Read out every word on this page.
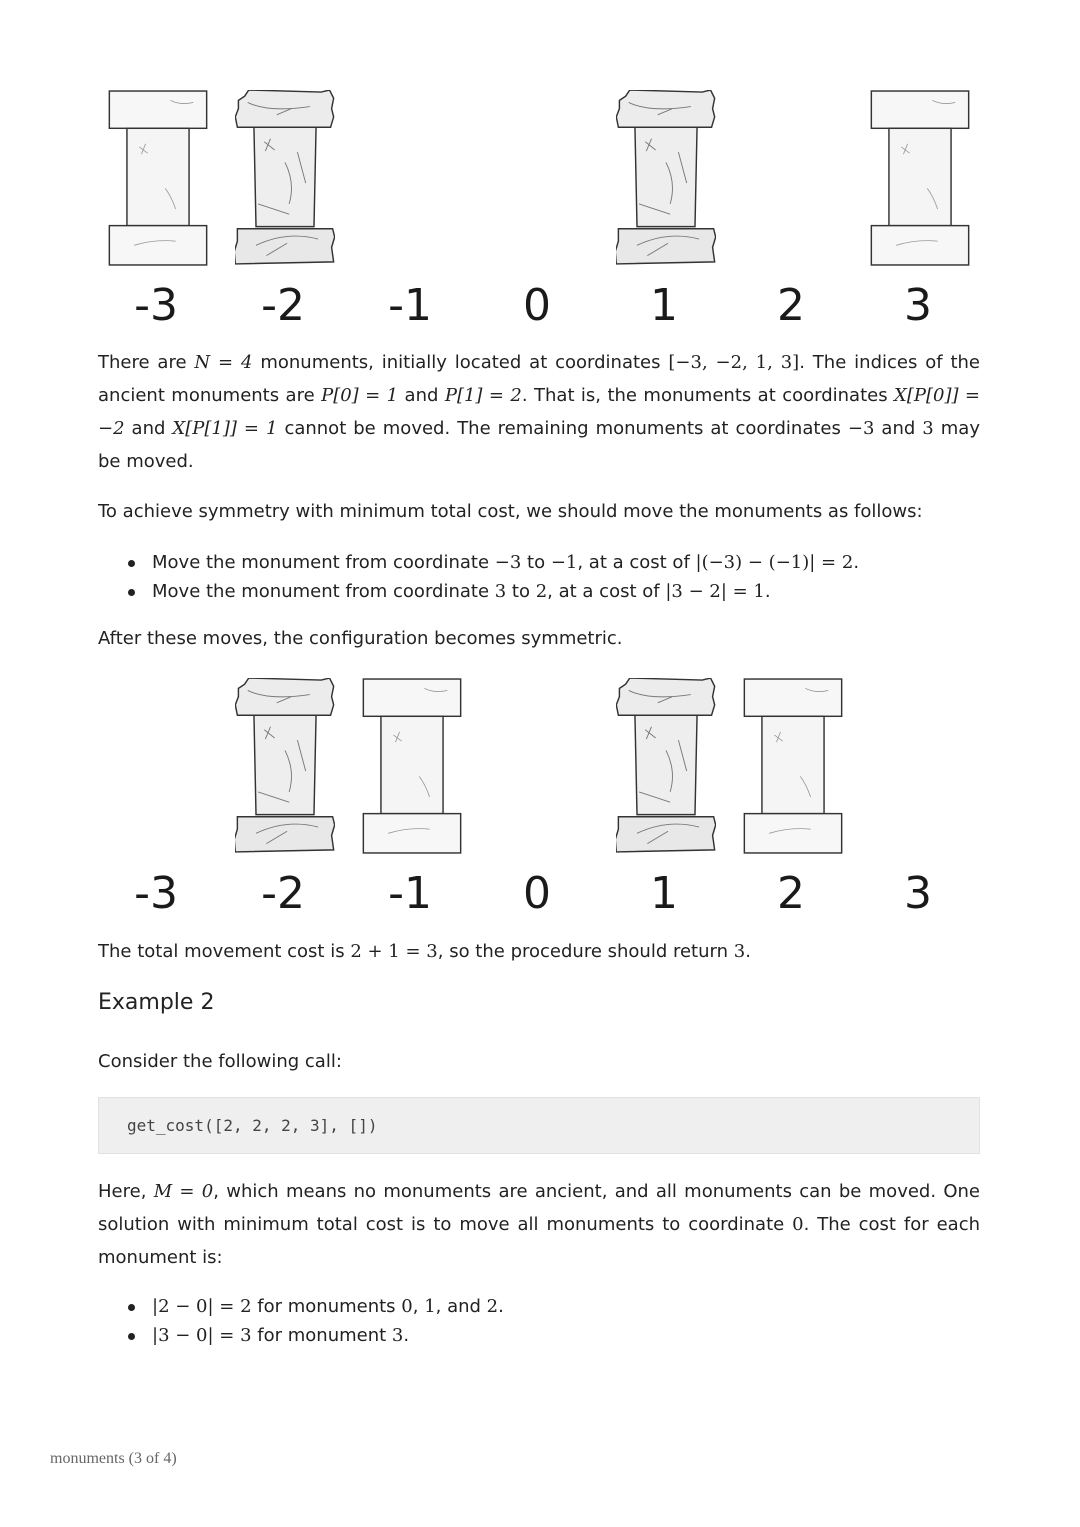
-3	-2	-1	0	1	2	3
There are N = 4 monuments, initially located at coordinates [−3, −2, 1, 3]. The indices of the ancient monuments are P[0] = 1 and P[1] = 2. That is, the monuments at coordinates X[P[0]] = −2 and X[P[1]] = 1 cannot be moved. The remaining monuments at coordinates −3 and 3 may be moved.
To achieve symmetry with minimum total cost, we should move the monuments as follows:
Move the monument from coordinate −3 to −1, at a cost of |(−3) − (−1)| = 2.
Move the monument from coordinate 3 to 2, at a cost of |3 − 2| = 1.
After these moves, the configuration becomes symmetric.
-3	-2	-1	0	1	2	3
The total movement cost is 2 + 1 = 3, so the procedure should return 3.
Example 2
Consider the following call:
get_cost([2, 2, 2, 3], [])
Here, M = 0, which means no monuments are ancient, and all monuments can be moved. One solution with minimum total cost is to move all monuments to coordinate 0. The cost for each monument is:
|2 − 0| = 2 for monuments 0, 1, and 2.
|3 − 0| = 3 for monument 3.
monuments (3 of 4)
